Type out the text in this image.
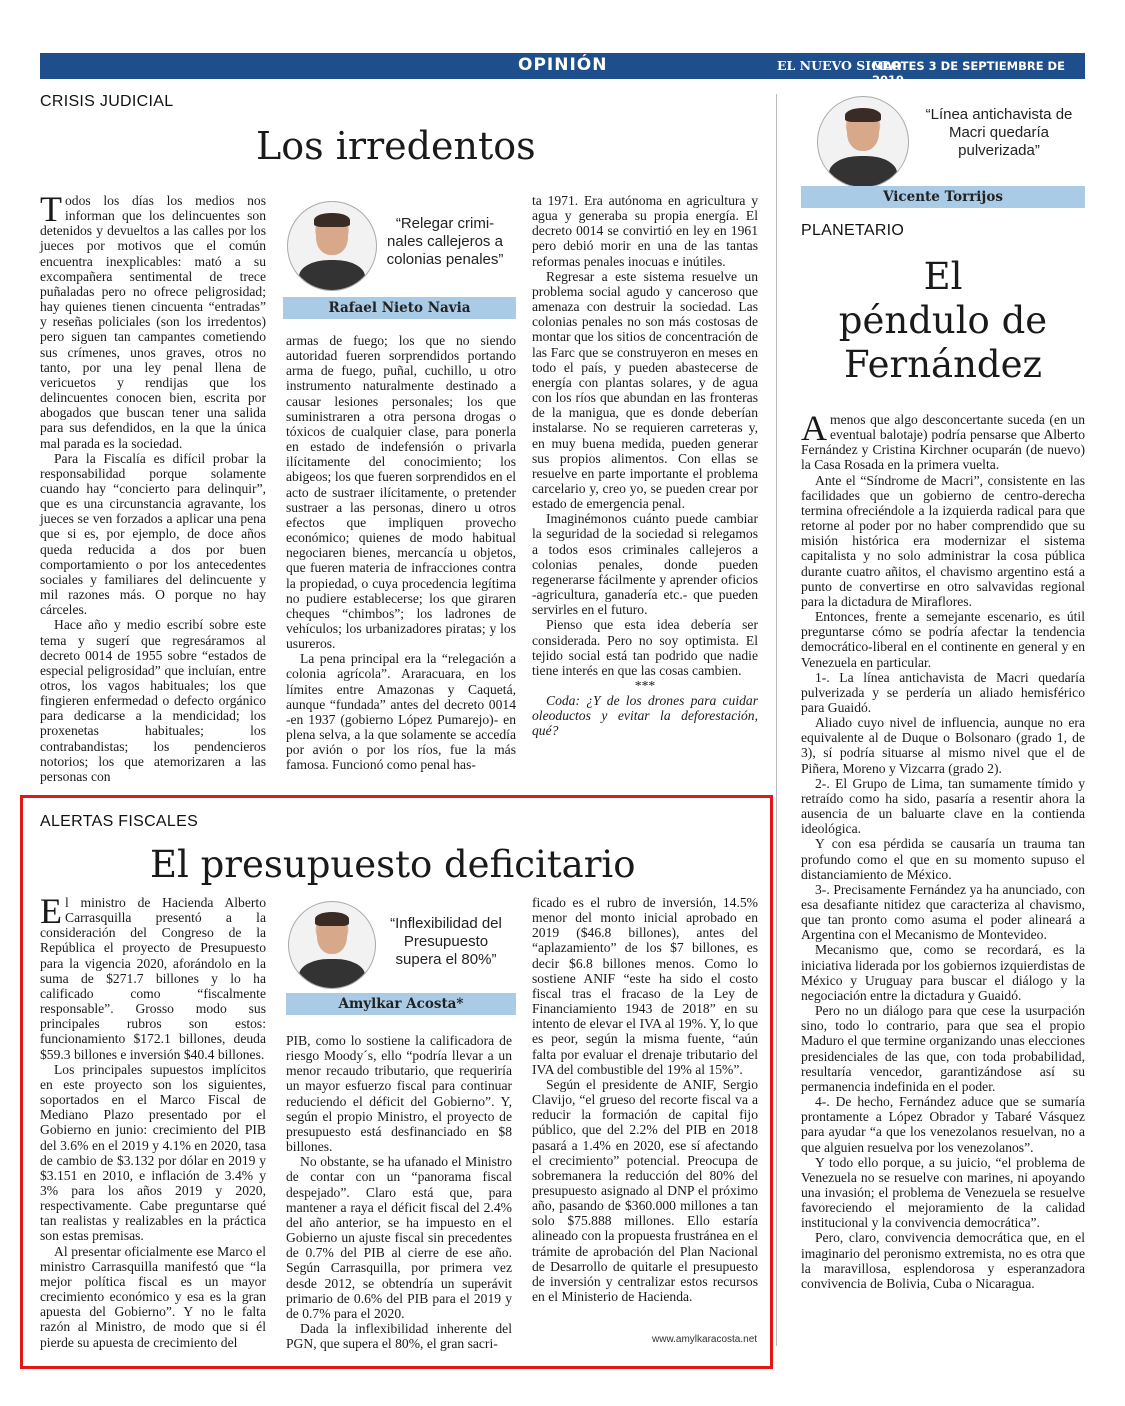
OPINIÓN	EL NUEVO SIGLO
MARTES 3 DE SEPTIEMBRE DE 2019
9A
CRISIS JUDICIAL
Los irredentos

Todos los días los medios nos informan que los delincuentes son detenidos y devueltos a las calles por los jueces por motivos que el común encuentra inexplicables: mató a su excompañera sentimental de trece puñaladas pero no ofrece peligrosidad; hay quienes tienen cincuenta “entradas” y reseñas policiales (son los irredentos) pero siguen tan campantes cometiendo sus crímenes, unos graves, otros no tanto, por una ley penal llena de vericuetos y rendijas que los delincuentes conocen bien, escrita por abogados que buscan tener una salida para sus defendidos, en la que la única mal parada es la sociedad.

Para la Fiscalía es difícil probar la responsabilidad porque solamente cuando hay “concierto para delinquir”, que es una circunstancia agravante, los jueces se ven forzados a aplicar una pena que si es, por ejemplo, de doce años queda reducida a dos por buen comportamiento o por los antecedentes sociales y familiares del delincuente y mil razones más. O porque no hay cárceles.

Hace año y medio escribí sobre este tema y sugerí que regresáramos al decreto 0014 de 1955 sobre “estados de especial peligrosidad” que incluían, entre otros, los vagos habituales; los que fingieren enfermedad o defecto orgánico para dedicarse a la mendicidad; los proxenetas habituales; los contrabandistas; los pendencieros notorios; los que atemorizaren a las personas con

“Relegar crimi-nales callejeros a colonias penales”
Rafael Nieto Navia

armas de fuego; los que no siendo autoridad fueren sorprendidos portando arma de fuego, puñal, cuchillo, u otro instrumento naturalmente destinado a causar lesiones personales; los que suministraren a otra persona drogas o tóxicos de cualquier clase, para ponerla en estado de indefensión o privarla ilícitamente del conocimiento; los abigeos; los que fueren sorprendidos en el acto de sustraer ilícitamente, o pretender sustraer a las personas, dinero u otros efectos que impliquen provecho económico; quienes de modo habitual negociaren bienes, mercancía u objetos, que fueren materia de infracciones contra la propiedad, o cuya procedencia legítima no pudiere establecerse; los que giraren cheques “chimbos”; los ladrones de vehículos; los urbanizadores piratas; y los usureros.

La pena principal era la “relegación a colonia agrícola”. Araracuara, en los límites entre Amazonas y Caquetá, aunque “fundada” antes del decreto 0014 -en 1937 (gobierno López Pumarejo)- en plena selva, a la que solamente se accedía por avión o por los ríos, fue la más famosa. Funcionó como penal has-

ta 1971. Era autónoma en agricultura y agua y generaba su propia energía. El decreto 0014 se convirtió en ley en 1961 pero debió morir en una de las tantas reformas penales inocuas e inútiles.

Regresar a este sistema resuelve un problema social agudo y canceroso que amenaza con destruir la sociedad. Las colonias penales no son más costosas de montar que los sitios de concentración de las Farc que se construyeron en meses en todo el país, y pueden abastecerse de energía con plantas solares, y de agua con los ríos que abundan en las fronteras de la manigua, que es donde deberían instalarse. No se requieren carreteras y, en muy buena medida, pueden generar sus propios alimentos. Con ellas se resuelve en parte importante el problema carcelario y, creo yo, se pueden crear por estado de emergencia penal.

Imaginémonos cuánto puede cambiar la seguridad de la sociedad si relegamos a todos esos criminales callejeros a colonias penales, donde pueden regenerarse fácilmente y aprender oficios -agricultura, ganadería etc.- que pueden servirles en el futuro.

Pienso que esta idea debería ser considerada. Pero no soy optimista. El tejido social está tan podrido que nadie tiene interés en que las cosas cambien.

***

Coda: ¿Y de los drones para cuidar oleoductos y evitar la deforestación, qué?

“Línea antichavista de Macri quedaría pulverizada”
Vicente Torrijos
PLANETARIO
El
péndulo de
Fernández

Amenos que algo desconcertante suceda (en un eventual balotaje) podría pensarse que Alberto Fernández y Cristina Kirchner ocuparán (de nuevo) la Casa Rosada en la primera vuelta.

Ante el “Síndrome de Macri”, consistente en las facilidades que un gobierno de centro-derecha termina ofreciéndole a la izquierda radical para que retorne al poder por no haber comprendido que su misión histórica era modernizar el sistema capitalista y no solo administrar la cosa pública durante cuatro añitos, el chavismo argentino está a punto de convertirse en otro salvavidas regional para la dictadura de Miraflores.

Entonces, frente a semejante escenario, es útil preguntarse cómo se podría afectar la tendencia democrático-liberal en el continente en general y en Venezuela en particular.

1-. La línea antichavista de Macri quedaría pulverizada y se perdería un aliado hemisférico para Guaidó.

Aliado cuyo nivel de influencia, aunque no era equivalente al de Duque o Bolsonaro (grado 1, de 3), sí podría situarse al mismo nivel que el de Piñera, Moreno y Vizcarra (grado 2).

2-. El Grupo de Lima, tan sumamente tímido y retraído como ha sido, pasaría a resentir ahora la ausencia de un baluarte clave en la contienda ideológica.

Y con esa pérdida se causaría un trauma tan profundo como el que en su momento supuso el distanciamiento de México.

3-. Precisamente Fernández ya ha anunciado, con esa desafiante nitidez que caracteriza al chavismo, que tan pronto como asuma el poder alineará a Argentina con el Mecanismo de Montevideo.

Mecanismo que, como se recordará, es la iniciativa liderada por los gobiernos izquierdistas de México y Uruguay para buscar el diálogo y la negociación entre la dictadura y Guaidó.

Pero no un diálogo para que cese la usurpación sino, todo lo contrario, para que sea el propio Maduro el que termine organizando unas elecciones presidenciales de las que, con toda probabilidad, resultaría vencedor, garantizándose así su permanencia indefinida en el poder.

4-. De hecho, Fernández aduce que se sumaría prontamente a López Obrador y Tabaré Vásquez para ayudar “a que los venezolanos resuelvan, no a que alguien resuelva por los venezolanos”.

Y todo ello porque, a su juicio, “el problema de Venezuela no se resuelve con marines, ni apoyando una invasión; el problema de Venezuela se resuelve favoreciendo el mejoramiento de la calidad institucional y la convivencia democrática”.

Pero, claro, convivencia democrática que, en el imaginario del peronismo extremista, no es otra que la maravillosa, esplendorosa y esperanzadora convivencia de Bolivia, Cuba o Nicaragua.

ALERTAS FISCALES
El presupuesto deficitario

El ministro de Hacienda Alberto Carrasquilla presentó a la consideración del Congreso de la República el proyecto de Presupuesto para la vigencia 2020, aforándolo en la suma de $271.7 billones y lo ha calificado como “fiscalmente responsable”. Grosso modo sus principales rubros son estos: funcionamiento $172.1 billones, deuda $59.3 billones e inversión $40.4 billones.

Los principales supuestos implícitos en este proyecto son los siguientes, soportados en el Marco Fiscal de Mediano Plazo presentado por el Gobierno en junio: crecimiento del PIB del 3.6% en el 2019 y 4.1% en 2020, tasa de cambio de $3.132 por dólar en 2019 y $3.151 en 2010, e inflación de 3.4% y 3% para los años 2019 y 2020, respectivamente. Cabe preguntarse qué tan realistas y realizables en la práctica son estas premisas.

Al presentar oficialmente ese Marco el ministro Carrasquilla manifestó que “la mejor política fiscal es un mayor crecimiento económico y esa es la gran apuesta del Gobierno”. Y no le falta razón al Ministro, de modo que si él pierde su apuesta de crecimiento del

“Inflexibilidad del Presupuesto supera el 80%”
Amylkar Acosta*

PIB, como lo sostiene la calificadora de riesgo Moody´s, ello “podría llevar a un menor recaudo tributario, que requeriría un mayor esfuerzo fiscal para continuar reduciendo el déficit del Gobierno”. Y, según el propio Ministro, el proyecto de presupuesto está desfinanciado en $8 billones.

No obstante, se ha ufanado el Ministro de contar con un “panorama fiscal despejado”. Claro está que, para mantener a raya el déficit fiscal del 2.4% del año anterior, se ha impuesto en el Gobierno un ajuste fiscal sin precedentes de 0.7% del PIB al cierre de ese año. Según Carrasquilla, por primera vez desde 2012, se obtendría un superávit primario de 0.6% del PIB para el 2019 y de 0.7% para el 2020.

Dada la inflexibilidad inherente del PGN, que supera el 80%, el gran sacri-

ficado es el rubro de inversión, 14.5% menor del monto inicial aprobado en 2019 ($46.8 billones), antes del “aplazamiento” de los $7 billones, es decir $6.8 billones menos. Como lo sostiene ANIF “este ha sido el costo fiscal tras el fracaso de la Ley de Financiamiento 1943 de 2018” en su intento de elevar el IVA al 19%. Y, lo que es peor, según la misma fuente, “aún falta por evaluar el drenaje tributario del IVA del combustible del 19% al 15%”.

Según el presidente de ANIF, Sergio Clavijo, “el grueso del recorte fiscal va a reducir la formación de capital fijo público, que del 2.2% del PIB en 2018 pasará a 1.4% en 2020, ese sí afectando el crecimiento” potencial. Preocupa de sobremanera la reducción del 80% del presupuesto asignado al DNP el próximo año, pasando de $360.000 millones a tan solo $75.888 millones. Ello estaría alineado con la propuesta frustránea en el trámite de aprobación del Plan Nacional de Desarrollo de quitarle el presupuesto de inversión y centralizar estos recursos en el Ministerio de Hacienda.

www.amylkaracosta.net
